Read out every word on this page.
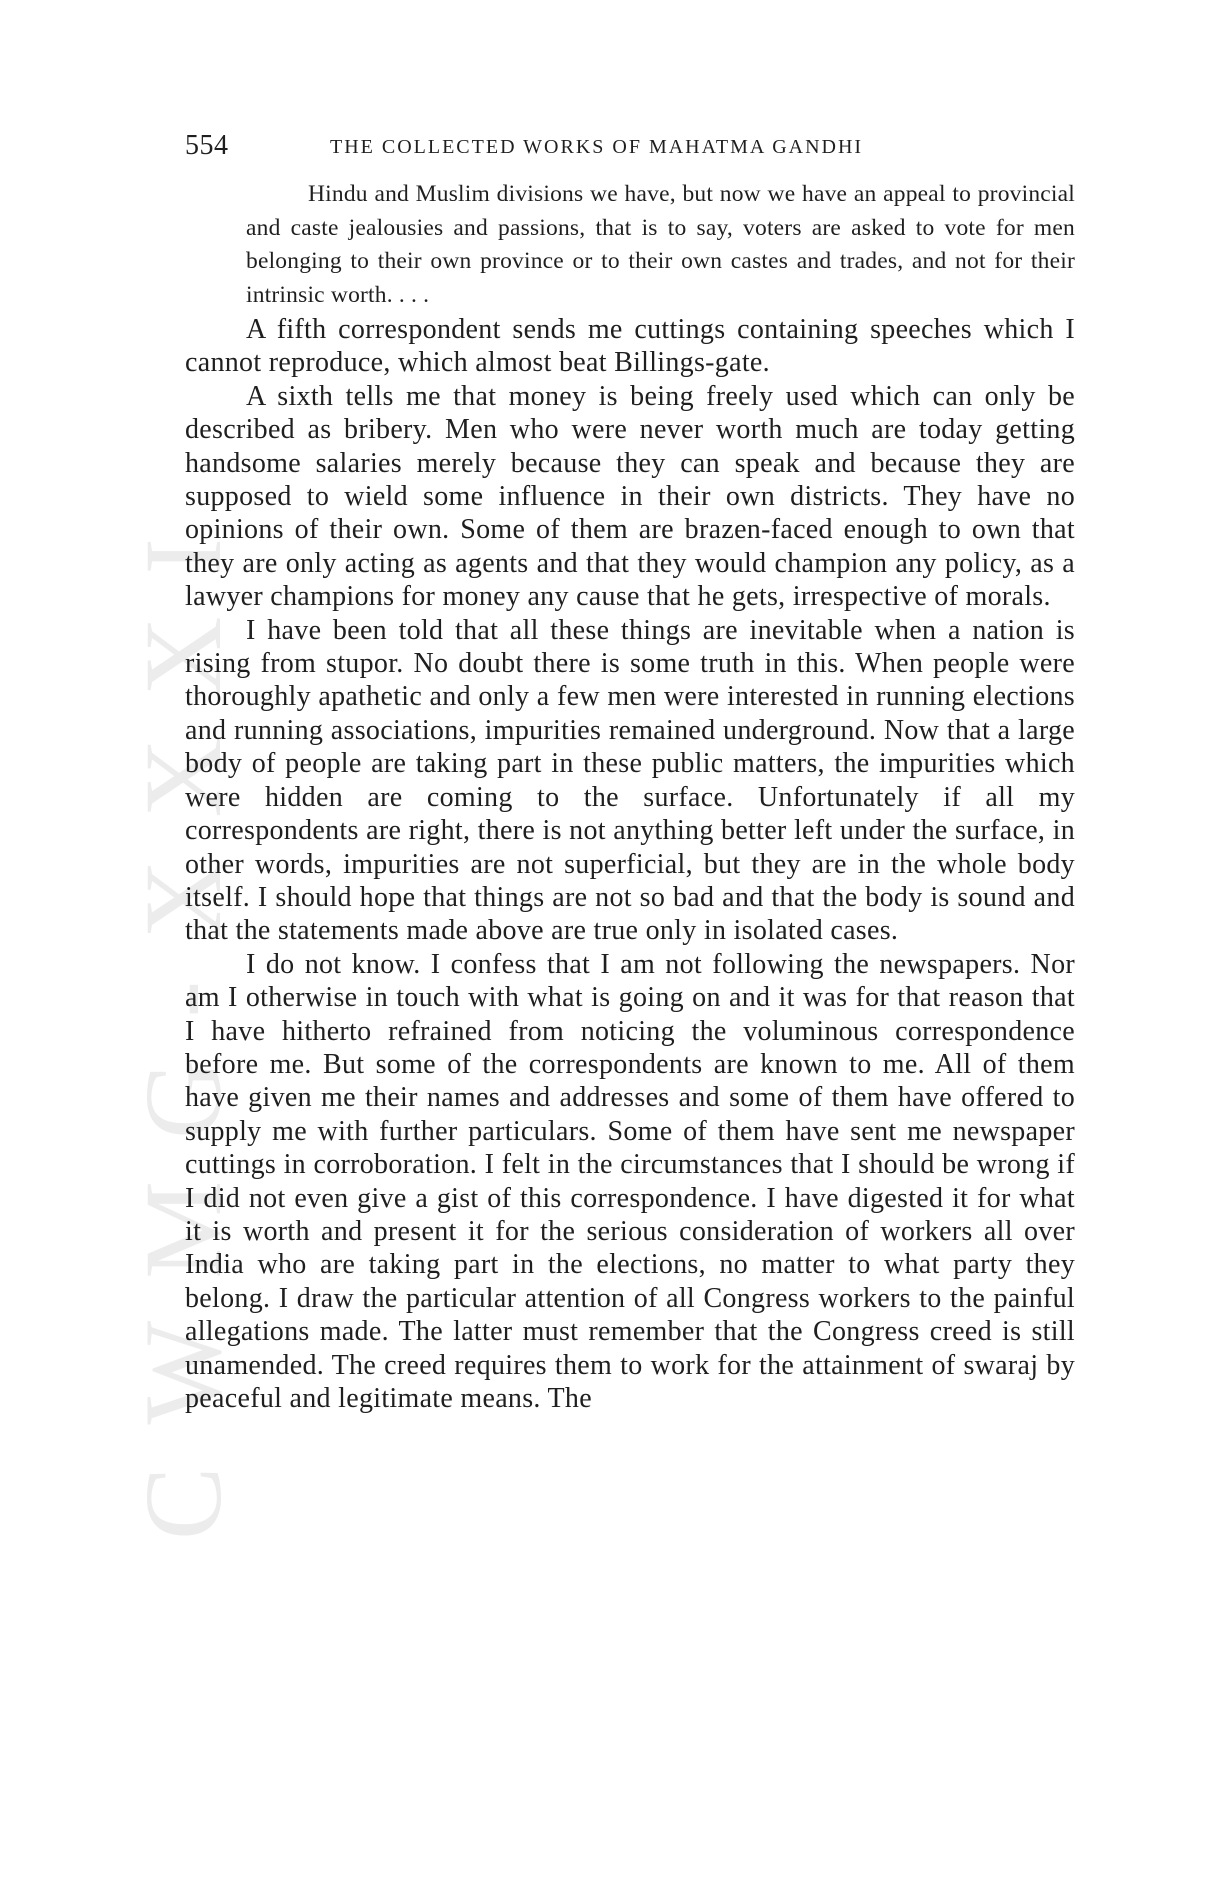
CWMG-XXXI
554	THE COLLECTED WORKS OF MAHATMA GANDHI

Hindu and Muslim divisions we have, but now we have an appeal to provincial and caste jealousies and passions, that is to say, voters are asked to vote for men belonging to their own province or to their own castes and trades, and not for their intrinsic worth. . . .

A fifth correspondent sends me cuttings containing speeches which I cannot reproduce, which almost beat Billings-gate.

A sixth tells me that money is being freely used which can only be described as bribery. Men who were never worth much are today getting handsome salaries merely because they can speak and because they are supposed to wield some influence in their own districts. They have no opinions of their own. Some of them are brazen-faced enough to own that they are only acting as agents and that they would champion any policy, as a lawyer champions for money any cause that he gets, irrespective of morals.

I have been told that all these things are inevitable when a nation is rising from stupor. No doubt there is some truth in this. When people were thoroughly apathetic and only a few men were interested in running elections and running associations, impurities remained underground. Now that a large body of people are taking part in these public matters, the impurities which were hidden are coming to the surface. Unfortunately if all my correspondents are right, there is not anything better left under the surface, in other words, impurities are not superficial, but they are in the whole body itself. I should hope that things are not so bad and that the body is sound and that the statements made above are true only in isolated cases.

I do not know. I confess that I am not following the newspapers. Nor am I otherwise in touch with what is going on and it was for that reason that I have hitherto refrained from noticing the voluminous correspondence before me. But some of the correspondents are known to me. All of them have given me their names and addresses and some of them have offered to supply me with further particulars. Some of them have sent me newspaper cuttings in corroboration. I felt in the circumstances that I should be wrong if I did not even give a gist of this correspondence. I have digested it for what it is worth and present it for the serious consideration of workers all over India who are taking part in the elections, no matter to what party they belong. I draw the particular attention of all Congress workers to the painful allegations made. The latter must remember that the Congress creed is still unamended. The creed requires them to work for the attainment of swaraj by peaceful and legitimate means. The
